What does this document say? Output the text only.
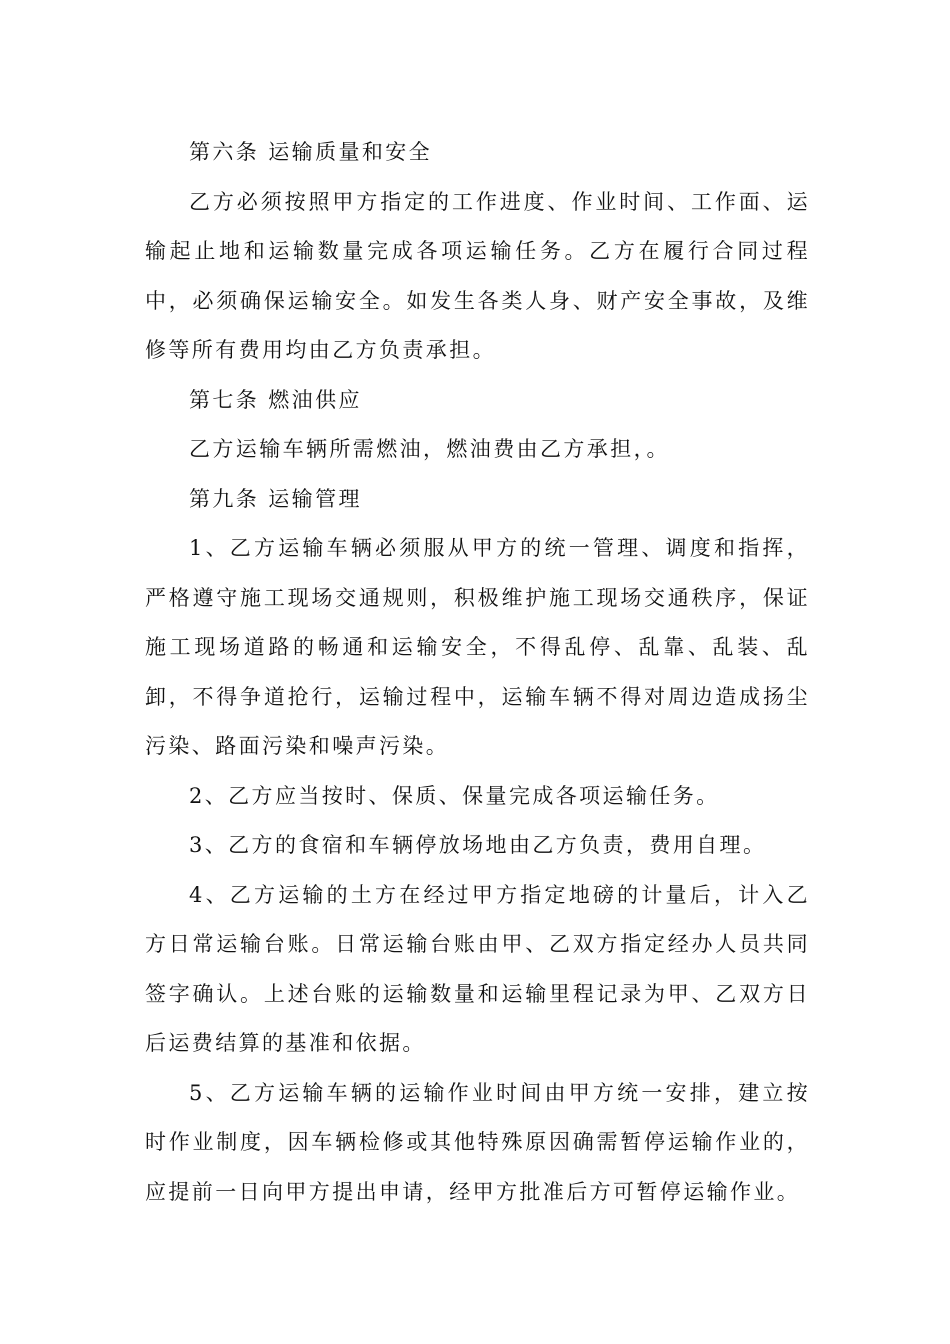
第六条 运输质量和安全

乙方必须按照甲方指定的工作进度、作业时间、工作面、运输起止地和运输数量完成各项运输任务。乙方在履行合同过程中，必须确保运输安全。如发生各类人身、财产安全事故，及维修等所有费用均由乙方负责承担。

第七条 燃油供应

乙方运输车辆所需燃油，燃油费由乙方承担，。

第九条 运输管理

1、乙方运输车辆必须服从甲方的统一管理、调度和指挥，严格遵守施工现场交通规则，积极维护施工现场交通秩序，保证施工现场道路的畅通和运输安全，不得乱停、乱靠、乱装、乱卸，不得争道抢行，运输过程中，运输车辆不得对周边造成扬尘污染、路面污染和噪声污染。

2、乙方应当按时、保质、保量完成各项运输任务。

3、乙方的食宿和车辆停放场地由乙方负责，费用自理。

4、乙方运输的土方在经过甲方指定地磅的计量后，计入乙方日常运输台账。日常运输台账由甲、乙双方指定经办人员共同签字确认。上述台账的运输数量和运输里程记录为甲、乙双方日后运费结算的基准和依据。

5、乙方运输车辆的运输作业时间由甲方统一安排，建立按时作业制度，因车辆检修或其他特殊原因确需暂停运输作业的，应提前一日向甲方提出申请，经甲方批准后方可暂停运输作业。
